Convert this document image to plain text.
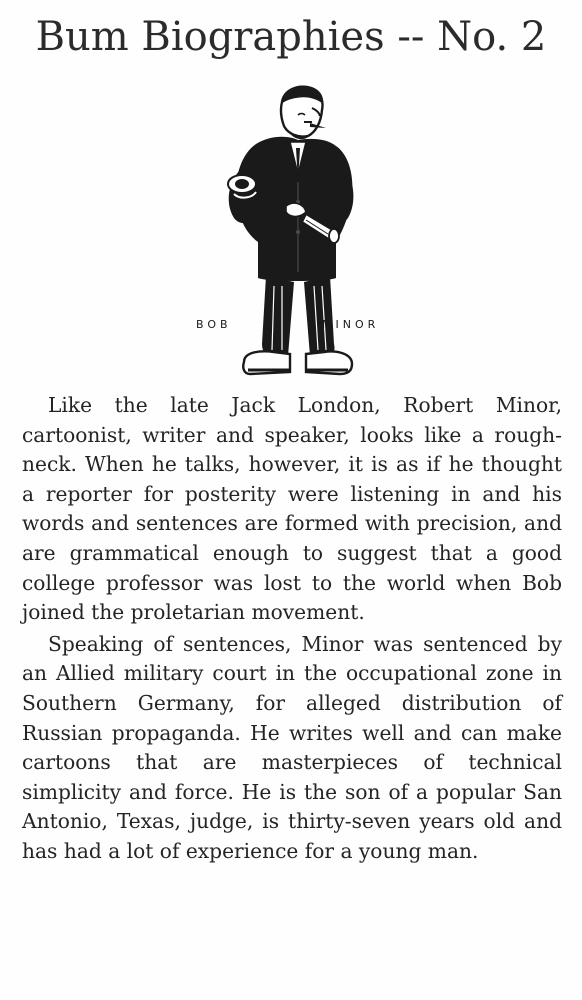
Bum Biographies -- No. 2
BOB	MINOR

Like the late Jack London, Robert Minor, cartoonist, writer and speaker, looks like a rough-neck. When he talks, however, it is as if he thought a reporter for posterity were listening in and his words and sentences are formed with precision, and are grammatical enough to suggest that a good college professor was lost to the world when Bob joined the proletarian movement.

Speaking of sentences, Minor was sentenced by an Allied military court in the occupational zone in Southern Germany, for alleged distribution of Russian propaganda. He writes well and can make cartoons that are masterpieces of technical simplicity and force. He is the son of a popular San Antonio, Texas, judge, is thirty-seven years old and has had a lot of experience for a young man.
